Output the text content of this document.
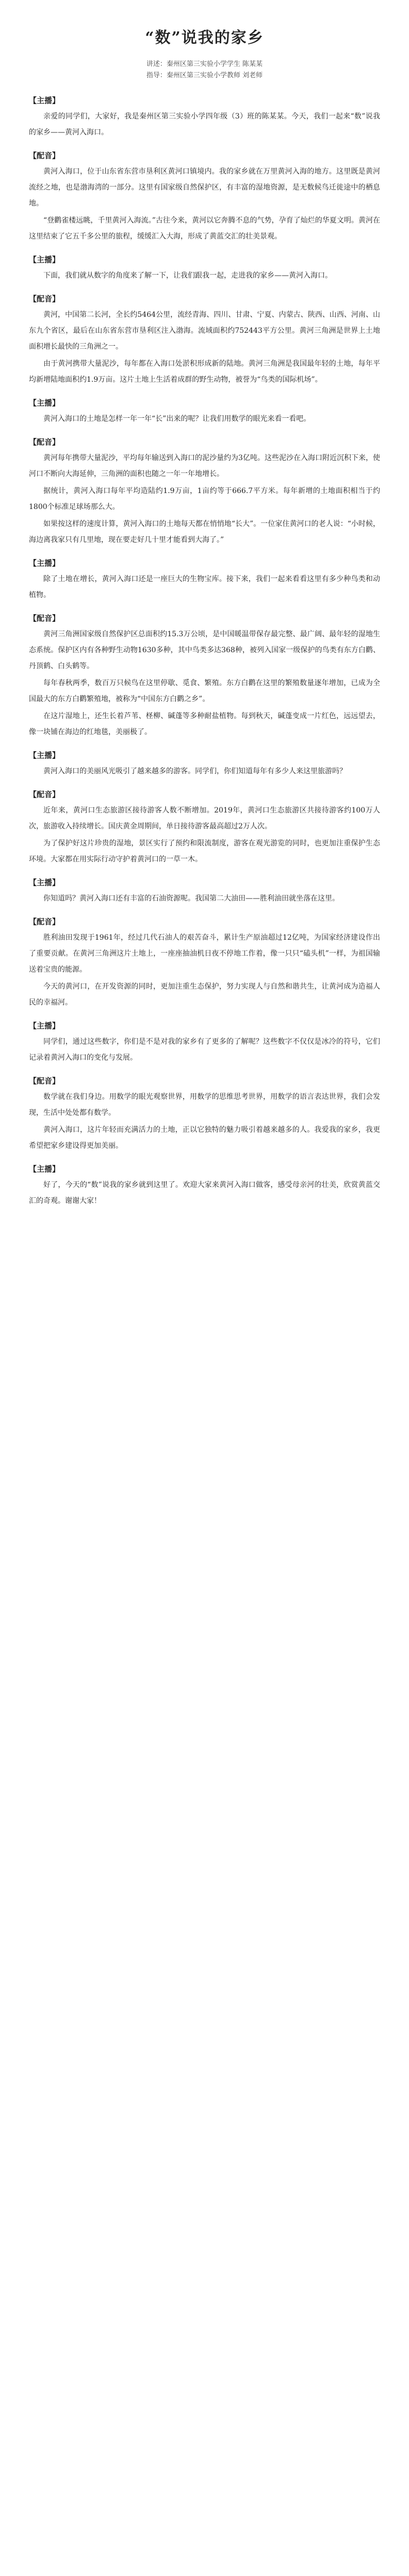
“数”说我的家乡
讲述：秦州区第三实验小学学生 陈某某
指导：秦州区第三实验小学教师 刘老师
【主播】
亲爱的同学们，大家好，我是秦州区第三实验小学四年级（3）班的陈某某。今天，我们一起来“数”说我的家乡——黄河入海口。
【配音】
黄河入海口，位于山东省东营市垦利区黄河口镇境内。我的家乡就在万里黄河入海的地方。这里既是黄河流经之地，也是渤海湾的一部分。这里有国家级自然保护区，有丰富的湿地资源，是无数候鸟迁徙途中的栖息地。
“登鹳雀楼远眺，千里黄河入海流。”古往今来，黄河以它奔腾不息的气势，孕育了灿烂的华夏文明。黄河在这里结束了它五千多公里的旅程，缓缓汇入大海，形成了黄蓝交汇的壮美景观。
【主播】
下面，我们就从数字的角度来了解一下，让我们跟我一起，走进我的家乡——黄河入海口。
【配音】
黄河，中国第二长河，全长约5464公里，流经青海、四川、甘肃、宁夏、内蒙古、陕西、山西、河南、山东九个省区，最后在山东省东营市垦利区注入渤海。流域面积约752443平方公里。黄河三角洲是世界上土地面积增长最快的三角洲之一。
由于黄河携带大量泥沙，每年都在入海口处淤积形成新的陆地。黄河三角洲是我国最年轻的土地，每年平均新增陆地面积约1.9万亩。这片土地上生活着成群的野生动物，被誉为“鸟类的国际机场”。
【主播】
黄河入海口的土地是怎样一年一年“长”出来的呢？让我们用数学的眼光来看一看吧。
【配音】
黄河每年携带大量泥沙，平均每年输送到入海口的泥沙量约为3亿吨。这些泥沙在入海口附近沉积下来，使河口不断向大海延伸，三角洲的面积也随之一年一年地增长。
据统计，黄河入海口每年平均造陆约1.9万亩，1亩约等于666.7平方米。每年新增的土地面积相当于约1800个标准足球场那么大。
如果按这样的速度计算，黄河入海口的土地每天都在悄悄地“长大”。一位家住黄河口的老人说：“小时候，海边离我家只有几里地，现在要走好几十里才能看到大海了。”
【主播】
除了土地在增长，黄河入海口还是一座巨大的生物宝库。接下来，我们一起来看看这里有多少种鸟类和动植物。
【配音】
黄河三角洲国家级自然保护区总面积约15.3万公顷，是中国暖温带保存最完整、最广阔、最年轻的湿地生态系统。保护区内有各种野生动物1630多种，其中鸟类多达368种，被列入国家一级保护的鸟类有东方白鹳、丹顶鹤、白头鹤等。
每年春秋两季，数百万只候鸟在这里停歇、觅食、繁殖。东方白鹳在这里的繁殖数量逐年增加，已成为全国最大的东方白鹳繁殖地，被称为“中国东方白鹳之乡”。
在这片湿地上，还生长着芦苇、柽柳、碱蓬等多种耐盐植物。每到秋天，碱蓬变成一片红色，远远望去，像一块铺在海边的红地毯，美丽极了。
【主播】
黄河入海口的美丽风光吸引了越来越多的游客。同学们，你们知道每年有多少人来这里旅游吗？
【配音】
近年来，黄河口生态旅游区接待游客人数不断增加。2019年，黄河口生态旅游区共接待游客约100万人次，旅游收入持续增长。国庆黄金周期间，单日接待游客最高超过2万人次。
为了保护好这片珍贵的湿地，景区实行了预约和限流制度，游客在观光游览的同时，也更加注重保护生态环境。大家都在用实际行动守护着黄河口的一草一木。
【主播】
你知道吗？黄河入海口还有丰富的石油资源呢。我国第二大油田——胜利油田就坐落在这里。
【配音】
胜利油田发现于1961年，经过几代石油人的艰苦奋斗，累计生产原油超过12亿吨，为国家经济建设作出了重要贡献。在黄河三角洲这片土地上，一座座抽油机日夜不停地工作着，像一只只“磕头机”一样，为祖国输送着宝贵的能源。
今天的黄河口，在开发资源的同时，更加注重生态保护，努力实现人与自然和谐共生，让黄河成为造福人民的幸福河。
【主播】
同学们，通过这些数字，你们是不是对我的家乡有了更多的了解呢？这些数字不仅仅是冰冷的符号，它们记录着黄河入海口的变化与发展。
【配音】
数学就在我们身边。用数学的眼光观察世界，用数学的思维思考世界，用数学的语言表达世界，我们会发现，生活中处处都有数学。
黄河入海口，这片年轻而充满活力的土地，正以它独特的魅力吸引着越来越多的人。我爱我的家乡，我更希望把家乡建设得更加美丽。
【主播】
好了，今天的“数”说我的家乡就到这里了。欢迎大家来黄河入海口做客，感受母亲河的壮美，欣赏黄蓝交汇的奇观。谢谢大家！
